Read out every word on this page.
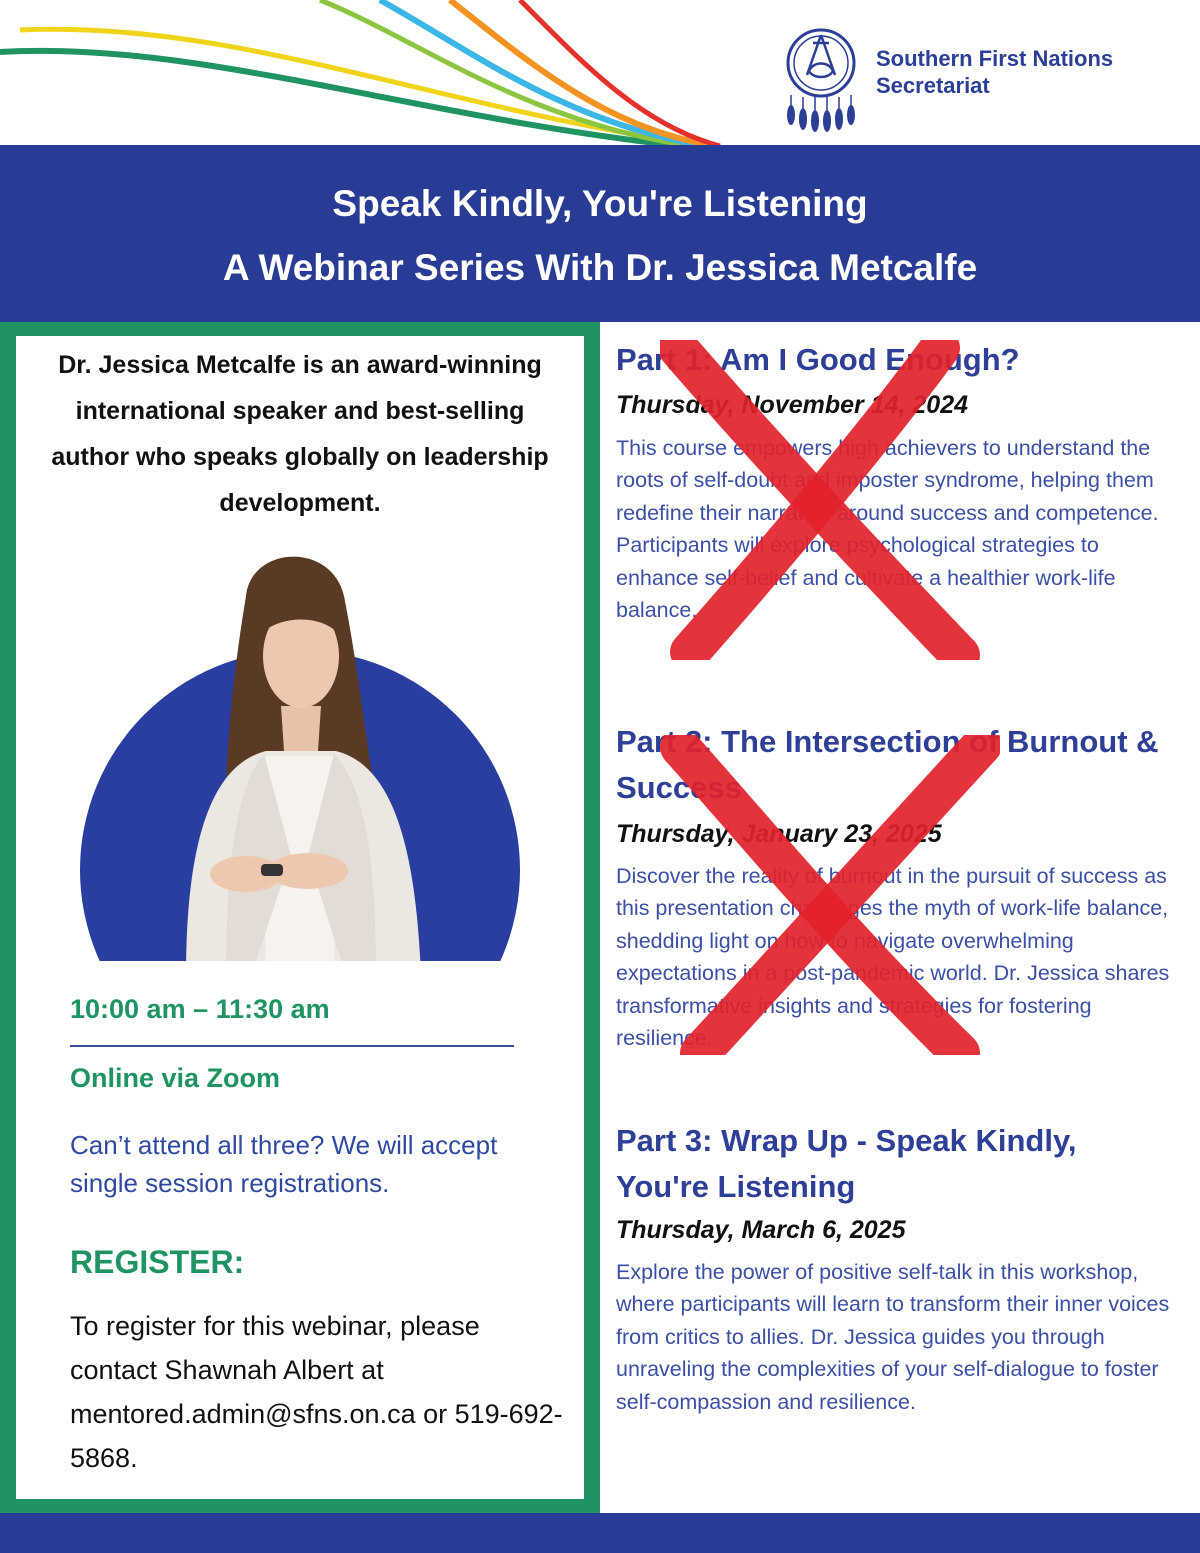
Southern First Nations Secretariat
Speak Kindly, You're Listening
A Webinar Series With Dr. Jessica Metcalfe
Dr. Jessica Metcalfe is an award-winning international speaker and best-selling author who speaks globally on leadership development.
10:00 am – 11:30 am
Online via Zoom
Can’t attend all three? We will accept single session registrations.
REGISTER:
To register for this webinar, please contact Shawnah Albert at mentored.admin@sfns.on.ca or 519-692-5868.
Part 1: Am I Good Enough?
Thursday, November 14, 2024
This course empowers high achievers to understand the roots of self-doubt and imposter syndrome, helping them redefine their narrative around success and competence. Participants will explore psychological strategies to enhance self-belief and cultivate a healthier work-life balance.
Part 2: The Intersection of Burnout & Success
Thursday, January 23, 2025
Discover the reality of burnout in the pursuit of success as this presentation challenges the myth of work-life balance, shedding light on how to navigate overwhelming expectations in a post-pandemic world. Dr. Jessica shares transformative insights and strategies for fostering resilience.
Part 3: Wrap Up - Speak Kindly, You're Listening
Thursday, March 6, 2025
Explore the power of positive self-talk in this workshop, where participants will learn to transform their inner voices from critics to allies. Dr. Jessica guides you through unraveling the complexities of your self-dialogue to foster self-compassion and resilience.
